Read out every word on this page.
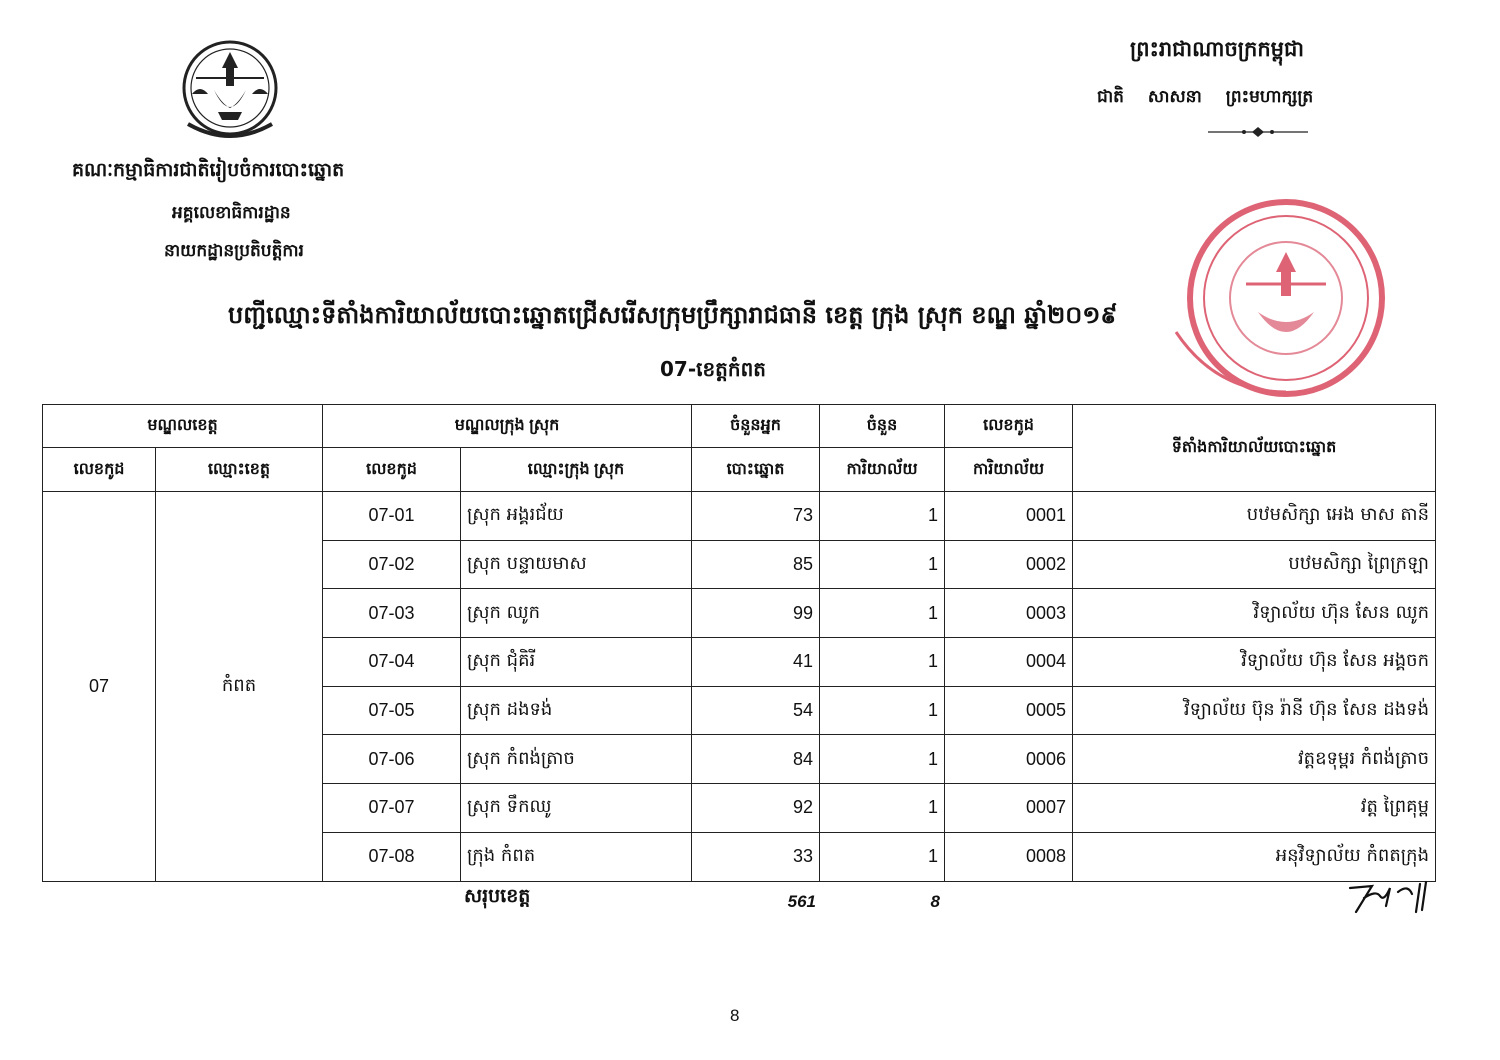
គណៈកម្មាធិការជាតិរៀបចំការបោះឆ្នោត
អគ្គលេខាធិការដ្ឋាន
នាយកដ្ឋានប្រតិបត្តិការ
ព្រះរាជាណាចក្រកម្ពុជា
ជាតិ សាសនា ព្រះមហាក្សត្រ
បញ្ជីឈ្មោះទីតាំងការិយាល័យបោះឆ្នោតជ្រើសរើសក្រុមប្រឹក្សារាជធានី ខេត្ត ក្រុង ស្រុក ខណ្ឌ ឆ្នាំ២០១៩
07-ខេត្តកំពត
មណ្ឌលខេត្ត		មណ្ឌលក្រុង ស្រុក		ចំនួនអ្នក	ចំនួន	លេខកូដ	ទីតាំងការិយាល័យបោះឆ្នោត
លេខកូដ	ឈ្មោះខេត្ត	លេខកូដ	ឈ្មោះក្រុង ស្រុក	បោះឆ្នោត	ការិយាល័យ	ការិយាល័យ	
07	កំពត	07-01	ស្រុក អង្គរជ័យ	73	1	0001	បឋមសិក្សា អេង មាស តានី
		07-02	ស្រុក បន្ទាយមាស	85	1	0002	បឋមសិក្សា ព្រៃក្រឡា
		07-03	ស្រុក ឈូក	99	1	0003	វិទ្យាល័យ ហ៊ុន សែន ឈូក
		07-04	ស្រុក ជុំគិរី	41	1	0004	វិទ្យាល័យ ហ៊ុន សែន អង្គចក
		07-05	ស្រុក ដងទង់	54	1	0005	វិទ្យាល័យ ប៊ុន រ៉ានី ហ៊ុន សែន ដងទង់
		07-06	ស្រុក កំពង់ត្រាច	84	1	0006	វត្តឧទុម្ពរ កំពង់ត្រាច
		07-07	ស្រុក ទឹកឈូ	92	1	0007	វត្ត ព្រៃគុម្ព
		07-08	ក្រុង កំពត	33	1	0008	អនុវិទ្យាល័យ កំពតក្រុង
សរុបខេត្ត	561	8
8
